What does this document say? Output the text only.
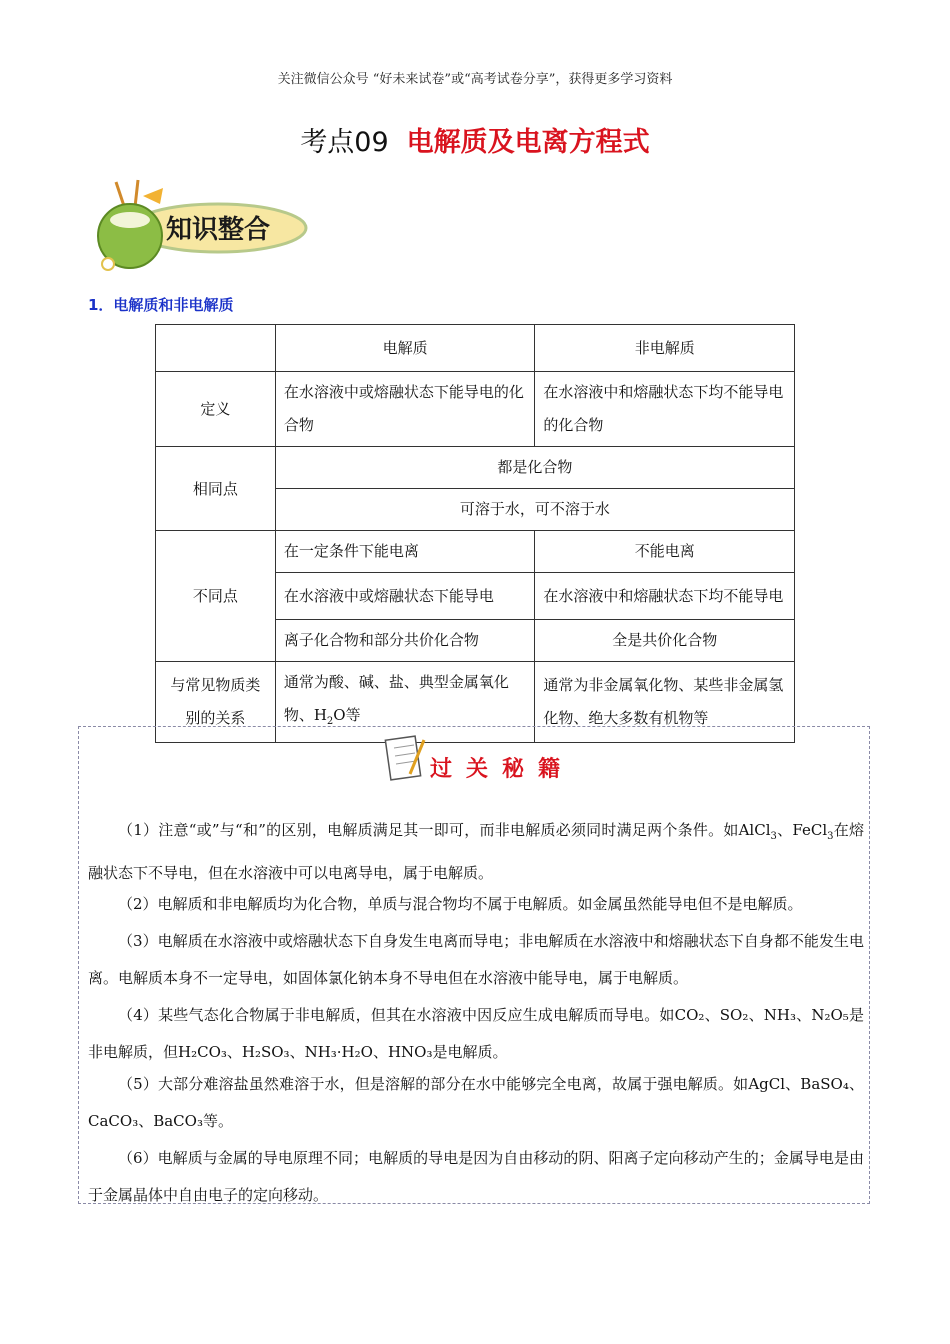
关注微信公众号 “好未来试卷”或“高考试卷分享”，获得更多学习资料
考点09 电解质及电离方程式
知识整合
1．电解质和非电解质
	电解质	非电解质
定义	在水溶液中或熔融状态下能导电的化合物	在水溶液中和熔融状态下均不能导电的化合物
相同点	都是化合物	
	可溶于水，可不溶于水	
不同点	在一定条件下能电离	不能电离
	在水溶液中或熔融状态下能导电	在水溶液中和熔融状态下均不能导电
	离子化合物和部分共价化合物	全是共价化合物
与常见物质类别的关系	通常为酸、碱、盐、典型金属氧化物、$H_2O$等	通常为非金属氧化物、某些非金属氢化物、绝大多数有机物等
过关秘籍
（1）注意“或”与“和”的区别，电解质满足其一即可，而非电解质必须同时满足两个条件。如AlCl$_3$、FeCl$_3$在熔融状态下不导电，但在水溶液中可以电离导电，属于电解质。
（2）电解质和非电解质均为化合物，单质与混合物均不属于电解质。如金属虽然能导电但不是电解质。
（3）电解质在水溶液中或熔融状态下自身发生电离而导电；非电解质在水溶液中和熔融状态下自身都不能发生电离。电解质本身不一定导电，如固体氯化钠本身不导电但在水溶液中能导电，属于电解质。
（4）某些气态化合物属于非电解质，但其在水溶液中因反应生成电解质而导电。如CO₂、SO₂、NH₃、N₂O₅是非电解质，但H₂CO₃、H₂SO₃、NH₃·H₂O、HNO₃是电解质。
（5）大部分难溶盐虽然难溶于水，但是溶解的部分在水中能够完全电离，故属于强电解质。如AgCl、BaSO₄、CaCO₃、BaCO₃等。
（6）电解质与金属的导电原理不同；电解质的导电是因为自由移动的阴、阳离子定向移动产生的；金属导电是由于金属晶体中自由电子的定向移动。
